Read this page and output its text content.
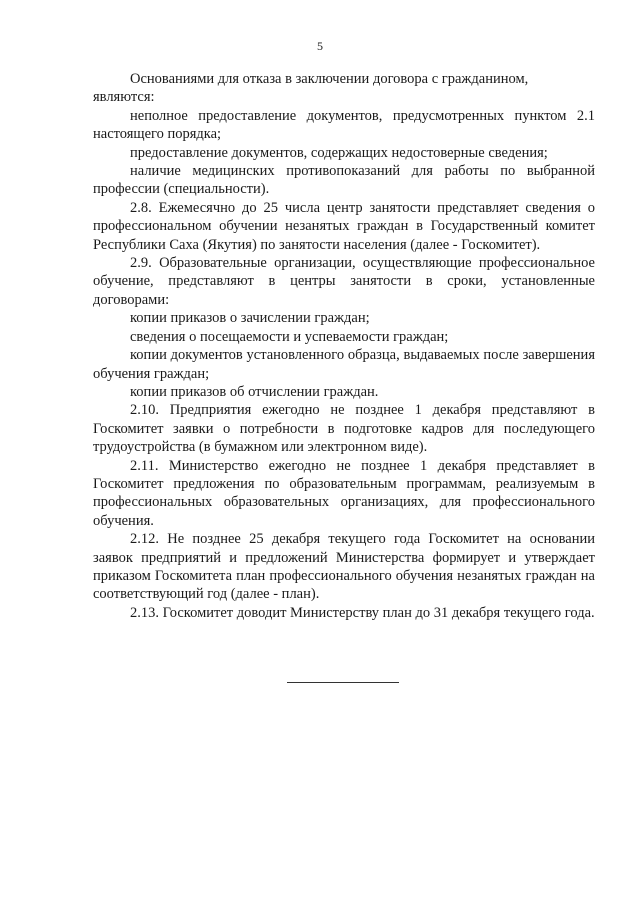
5

Основаниями для отказа в заключении договора с гражданином,

являются:

неполное предоставление документов, предусмотренных пунктом 2.1 настоящего порядка;

предоставление документов, содержащих недостоверные сведения;

наличие медицинских противопоказаний для работы по выбранной профессии (специальности).

2.8. Ежемесячно до 25 числа центр занятости представляет сведения о профессиональном обучении незанятых граждан в Государственный комитет Республики Саха (Якутия) по занятости населения (далее - Госкомитет).

2.9. Образовательные организации, осуществляющие профессиональное обучение, представляют в центры занятости в сроки, установленные договорами:

копии приказов о зачислении граждан;

сведения о посещаемости и успеваемости граждан;

копии документов установленного образца, выдаваемых после завершения обучения граждан;

копии приказов об отчислении граждан.

2.10. Предприятия ежегодно не позднее 1 декабря представляют в Госкомитет заявки о потребности в подготовке кадров для последующего трудоустройства (в бумажном или электронном виде).

2.11. Министерство ежегодно не позднее 1 декабря представляет в Госкомитет предложения по образовательным программам, реализуемым в профессиональных образовательных организациях, для профессионального обучения.

2.12. Не позднее 25 декабря текущего года Госкомитет на основании заявок предприятий и предложений Министерства формирует и утверждает приказом Госкомитета план профессионального обучения незанятых граждан на соответствующий год (далее - план).

2.13. Госкомитет доводит Министерству план до 31 декабря текущего года.
